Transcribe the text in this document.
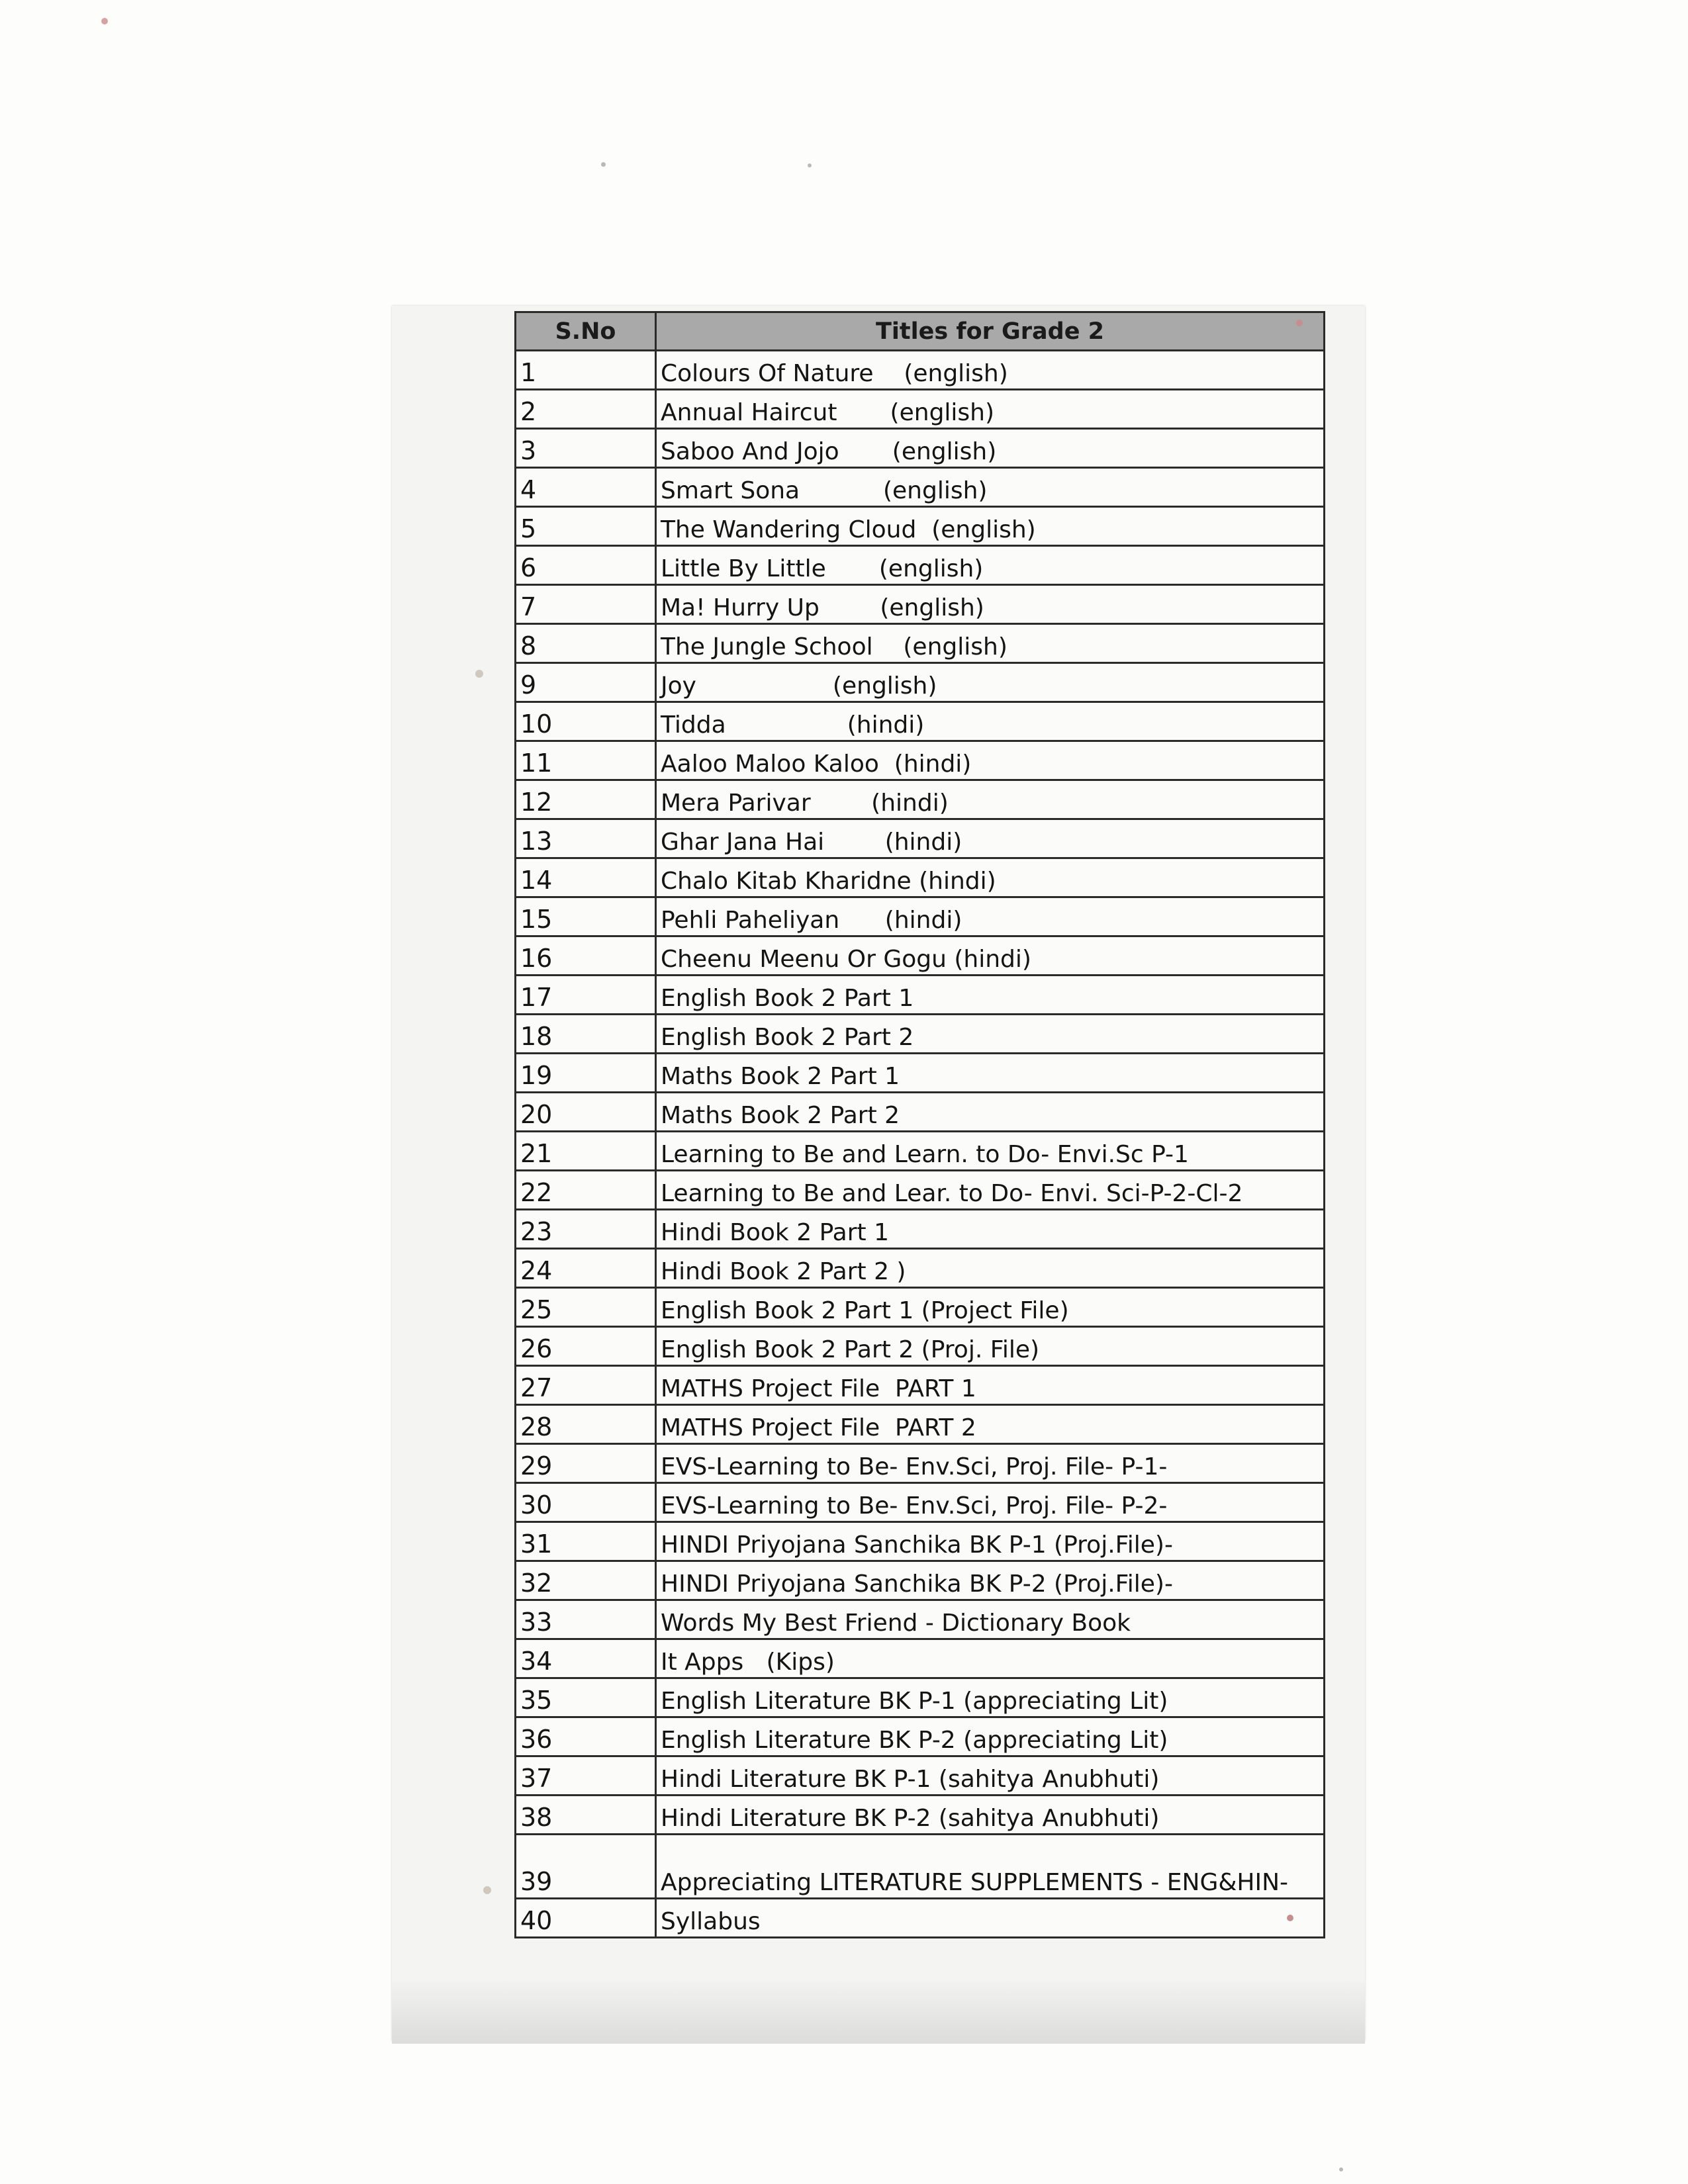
S.No	Titles for Grade 2
1	Colours Of Nature    (english)
2	Annual Haircut       (english)
3	Saboo And Jojo       (english)
4	Smart Sona           (english)
5	The Wandering Cloud  (english)
6	Little By Little       (english)
7	Ma! Hurry Up        (english)
8	The Jungle School    (english)
9	Joy                  (english)
10	Tidda                (hindi)
11	Aaloo Maloo Kaloo  (hindi)
12	Mera Parivar        (hindi)
13	Ghar Jana Hai        (hindi)
14	Chalo Kitab Kharidne (hindi)
15	Pehli Paheliyan      (hindi)
16	Cheenu Meenu Or Gogu (hindi)
17	English Book 2 Part 1
18	English Book 2 Part 2
19	Maths Book 2 Part 1
20	Maths Book 2 Part 2
21	Learning to Be and Learn. to Do- Envi.Sc P-1
22	Learning to Be and Lear. to Do- Envi. Sci-P-2-Cl-2
23	Hindi Book 2 Part 1
24	Hindi Book 2 Part 2 )
25	English Book 2 Part 1 (Project File)
26	English Book 2 Part 2 (Proj. File)
27	MATHS Project File  PART 1
28	MATHS Project File  PART 2
29	EVS-Learning to Be- Env.Sci, Proj. File- P-1-
30	EVS-Learning to Be- Env.Sci, Proj. File- P-2-
31	HINDI Priyojana Sanchika BK P-1 (Proj.File)-
32	HINDI Priyojana Sanchika BK P-2 (Proj.File)-
33	Words My Best Friend - Dictionary Book
34	It Apps   (Kips)
35	English Literature BK P-1 (appreciating Lit)
36	English Literature BK P-2 (appreciating Lit)
37	Hindi Literature BK P-1 (sahitya Anubhuti)
38	Hindi Literature BK P-2 (sahitya Anubhuti)
39	Appreciating LITERATURE SUPPLEMENTS - ENG&HIN-
40	Syllabus
